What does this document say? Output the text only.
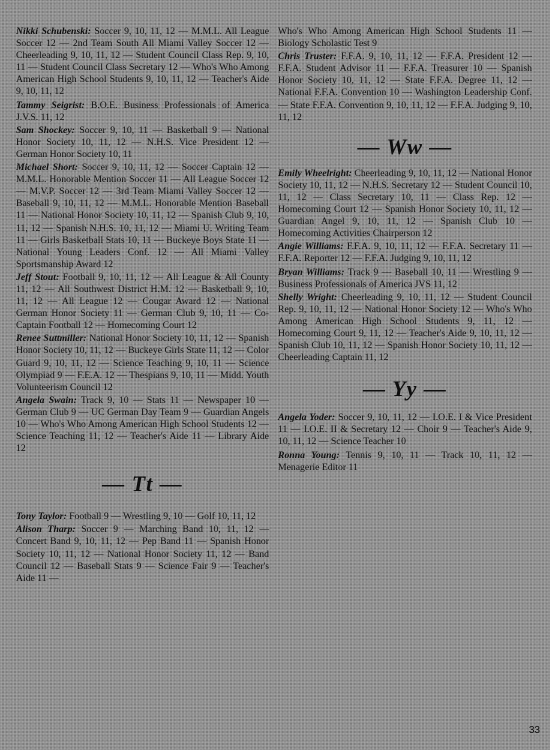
Nikki Schubenski: Soccer 9, 10, 11, 12 — M.M.L. All League Soccer 12 — 2nd Team South All Miami Valley Soccer 12 — Cheerleading 9, 10, 11, 12 — Student Council Class Rep. 9, 10, 11 — Student Council Class Secretary 12 — Who's Who Among American High School Students 9, 10, 11, 12 — Teacher's Aide 9, 10, 11, 12

Tammy Seigrist: B.O.E. Business Professionals of America J.V.S. 11, 12

Sam Shockey: Soccer 9, 10, 11 — Basketball 9 — National Honor Society 10, 11, 12 — N.H.S. Vice President 12 — German Honor Society 10, 11

Michael Short: Soccer 9, 10, 11, 12 — Soccer Captain 12 — M.M.L. Honorable Mention Soccer 11 — All League Soccer 12 — M.V.P. Soccer 12 — 3rd Team Miami Valley Soccer 12 — Baseball 9, 10, 11, 12 — M.M.L. Honorable Mention Baseball 11 — National Honor Society 10, 11, 12 — Spanish Club 9, 10, 11, 12 — Spanish N.H.S. 10, 11, 12 — Miami U. Writing Team 11 — Girls Basketball Stats 10, 11 — Buckeye Boys State 11 — National Young Leaders Conf. 12 — All Miami Valley Sportsmanship Award 12

Jeff Stout: Football 9, 10, 11, 12 — All League & All County 11, 12 — All Southwest District H.M. 12 — Basketball 9, 10, 11, 12 — All League 12 — Cougar Award 12 — National German Honor Society 11 — German Club 9, 10, 11 — Co-Captain Football 12 — Homecoming Court 12

Renee Suttmiller: National Honor Society 10, 11, 12 — Spanish Honor Society 10, 11, 12 — Buckeye Girls State 11, 12 — Color Guard 9, 10, 11, 12 — Science Teaching 9, 10, 11 — Science Olympiad 9 — F.E.A. 12 — Thespians 9, 10, 11 — Midd. Youth Volunteerism Council 12

Angela Swain: Track 9, 10 — Stats 11 — Newspaper 10 — German Club 9 — UC German Day Team 9 — Guardian Angels 10 — Who's Who Among American High School Students 12 — Science Teaching 11, 12 — Teacher's Aide 11 — Library Aide 12

— Tt —

Tony Taylor: Football 9 — Wrestling 9, 10 — Golf 10, 11, 12

Alison Tharp: Soccer 9 — Marching Band 10, 11, 12 — Concert Band 9, 10, 11, 12 — Pep Band 11 — Spanish Honor Society 10, 11, 12 — National Honor Society 11, 12 — Band Council 12 — Baseball Stats 9 — Science Fair 9 — Teacher's Aide 11 —

Who's Who Among American High School Students 11 — Biology Scholastic Test 9

Chris Truster: F.F.A. 9, 10, 11, 12 — F.F.A. President 12 — F.F.A. Student Advisor 11 — F.F.A. Treasurer 10 — Spanish Honor Society 10, 11, 12 — State F.F.A. Degree 11, 12 — National F.F.A. Convention 10 — Washington Leadership Conf. — State F.F.A. Convention 9, 10, 11, 12 — F.F.A. Judging 9, 10, 11, 12

— Ww —

Emily Wheelright: Cheerleading 9, 10, 11, 12 — National Honor Society 10, 11, 12 — N.H.S. Secretary 12 — Student Council 10, 11, 12 — Class Secretary 10, 11 — Class Rep. 12 — Homecoming Court 12 — Spanish Honor Society 10, 11, 12 — Guardian Angel 9, 10, 11, 12 — Spanish Club 10 — Homecoming Activities Chairperson 12

Angie Williams: F.F.A. 9, 10, 11, 12 — F.F.A. Secretary 11 — F.F.A. Reporter 12 — F.F.A. Judging 9, 10, 11, 12

Bryan Williams: Track 9 — Baseball 10, 11 — Wrestling 9 — Business Professionals of America JVS 11, 12

Shelly Wright: Cheerleading 9, 10, 11, 12 — Student Council Rep. 9, 10, 11, 12 — National Honor Society 12 — Who's Who Among American High School Students 9, 11, 12 — Homecoming Court 9, 11, 12 — Teacher's Aide 9, 10, 11, 12 — Spanish Club 10, 11, 12 — Spanish Honor Society 10, 11, 12 — Cheerleading Captain 11, 12

— Yy —

Angela Yoder: Soccer 9, 10, 11, 12 — I.O.E. I & Vice President 11 — I.O.E. II & Secretary 12 — Choir 9 — Teacher's Aide 9, 10, 11, 12 — Science Teacher 10

Ronna Young: Tennis 9, 10, 11 — Track 10, 11, 12 — Menagerie Editor 11

33
